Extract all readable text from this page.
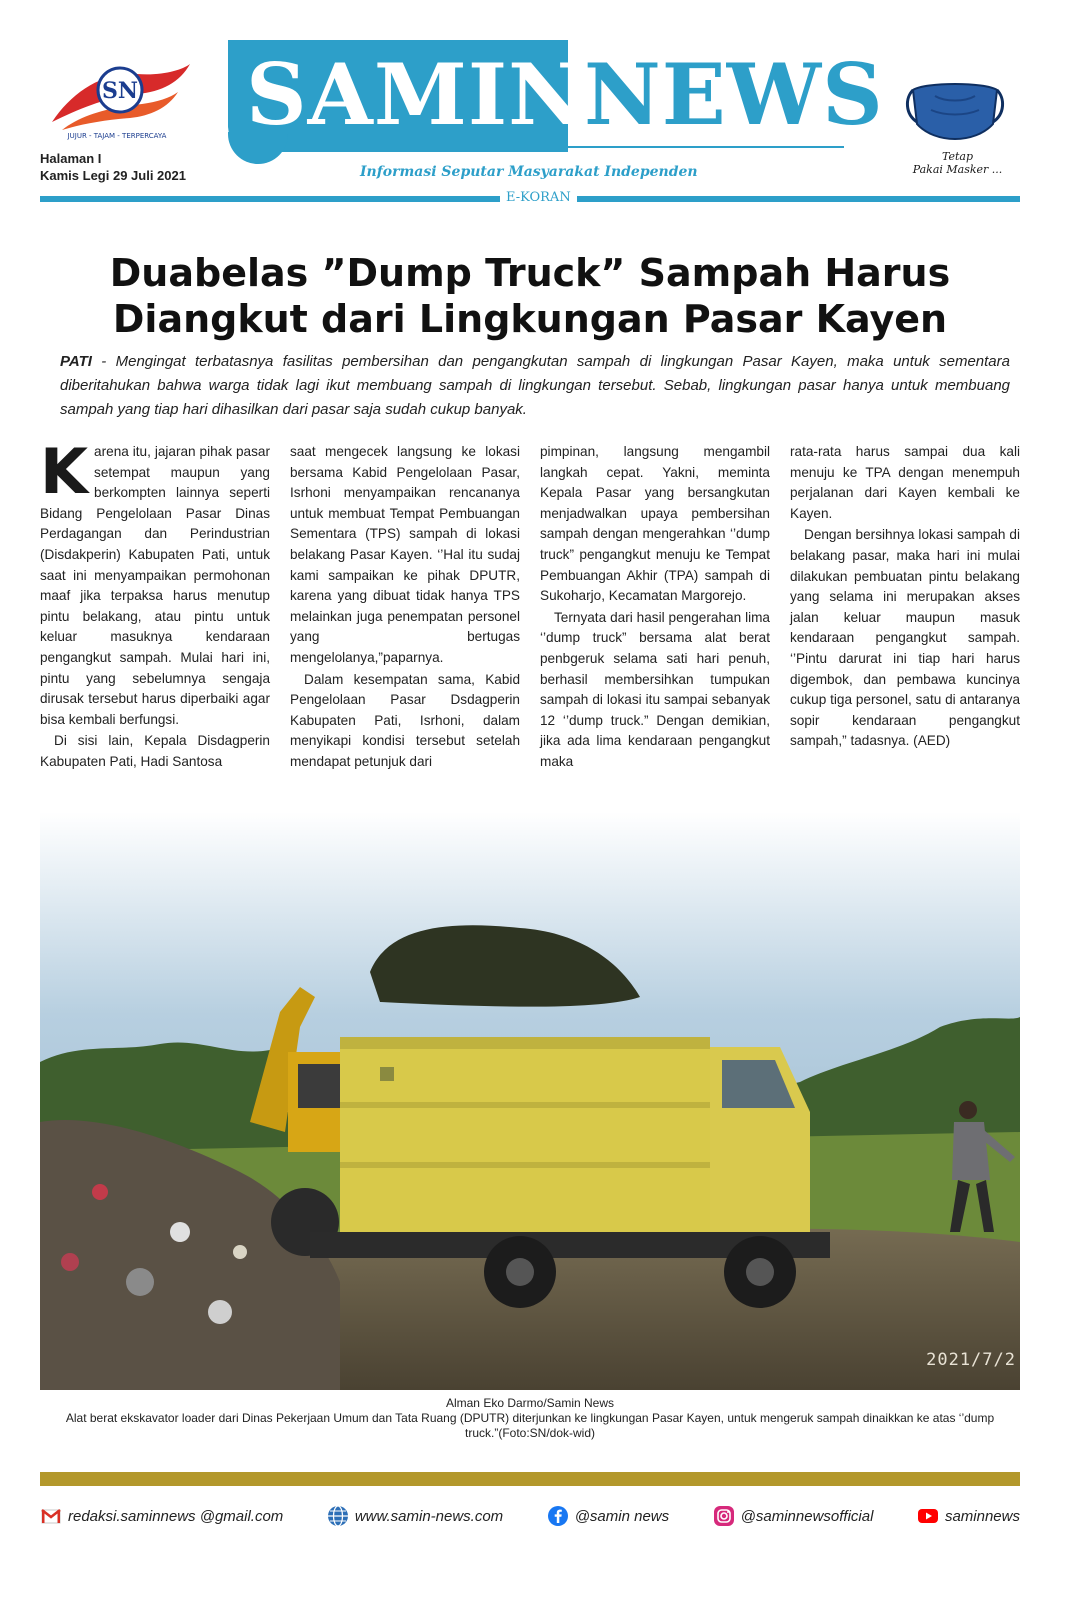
SN
JUJUR - TAJAM - TERPERCAYA
Halaman I
Kamis Legi 29 Juli 2021
SAMIN
NEWS
Informasi Seputar Masyarakat Independen
E-KORAN
Tetap
Pakai Masker ...
Duabelas ”Dump Truck” Sampah Harus
Diangkut dari Lingkungan Pasar Kayen

PATI - Mengingat terbatasnya fasilitas pembersihan dan pengangkutan sampah di lingkungan Pasar Kayen, maka untuk sementara diberitahukan bahwa warga tidak lagi ikut membuang sampah di lingkungan tersebut. Sebab, lingkungan pasar hanya untuk membuang sampah yang tiap hari dihasilkan dari pasar saja sudah cukup banyak.

Karena itu, jajaran pihak pasar setempat maupun yang berkompten lainnya seperti Bidang Pengelolaan Pasar Dinas Perdagangan dan Perindustrian (Disdakperin) Kabupaten Pati, untuk saat ini menyampaikan permohonan maaf jika terpaksa harus menutup pintu belakang, atau pintu untuk keluar masuknya kendaraan pengangkut sampah. Mulai hari ini, pintu yang sebelumnya sengaja dirusak tersebut harus diperbaiki agar bisa kembali berfungsi.

Di sisi lain, Kepala Disdagperin Kabupaten Pati, Hadi Santosa

saat mengecek langsung ke lokasi bersama Kabid Pengelolaan Pasar, Isrhoni menyampaikan rencananya untuk membuat Tempat Pembuangan Sementara (TPS) sampah di lokasi belakang Pasar Kayen. ‘’Hal itu sudaj kami sampaikan ke pihak DPUTR, karena yang dibuat tidak hanya TPS melainkan juga penempatan personel yang bertugas mengelolanya,”paparnya.

Dalam kesempatan sama, Kabid Pengelolaan Pasar Dsdagperin Kabupaten Pati, Isrhoni, dalam menyikapi kondisi tersebut setelah mendapat petunjuk dari

pimpinan, langsung mengambil langkah cepat. Yakni, meminta Kepala Pasar yang bersangkutan menjadwalkan upaya pembersihan sampah dengan mengerahkan ‘’dump truck” pengangkut menuju ke Tempat Pembuangan Akhir (TPA) sampah di Sukoharjo, Kecamatan Margorejo.

Ternyata dari hasil pengerahan lima ‘’dump truck” bersama alat berat penbgeruk selama sati hari penuh, berhasil membersihkan tumpukan sampah di lokasi itu sampai sebanyak 12 ‘’dump truck.” Dengan demikian, jika ada lima kendaraan pengangkut maka

rata-rata harus sampai dua kali menuju ke TPA dengan menempuh perjalanan dari Kayen kembali ke Kayen.

Dengan bersihnya lokasi sampah di belakang pasar, maka hari ini mulai dilakukan pembuatan pintu belakang yang selama ini merupakan akses jalan keluar maupun masuk kendaraan pengangkut sampah. ‘’Pintu darurat ini tiap hari harus digembok, dan pembawa kuncinya cukup tiga personel, satu di antaranya sopir kendaraan pengangkut sampah,” tadasnya. (AED)

2021/7/2
Alman Eko Darmo/Samin News
Alat berat ekskavator loader dari Dinas Pekerjaan Umum dan Tata Ruang (DPUTR) diterjunkan ke lingkungan Pasar Kayen, untuk mengeruk sampah dinaikkan ke atas ‘’dump truck.”(Foto:SN/dok-wid)
redaksi.saminnews @gmail.com	www.samin-news.com	@samin news	@saminnewsofficial	saminnews
